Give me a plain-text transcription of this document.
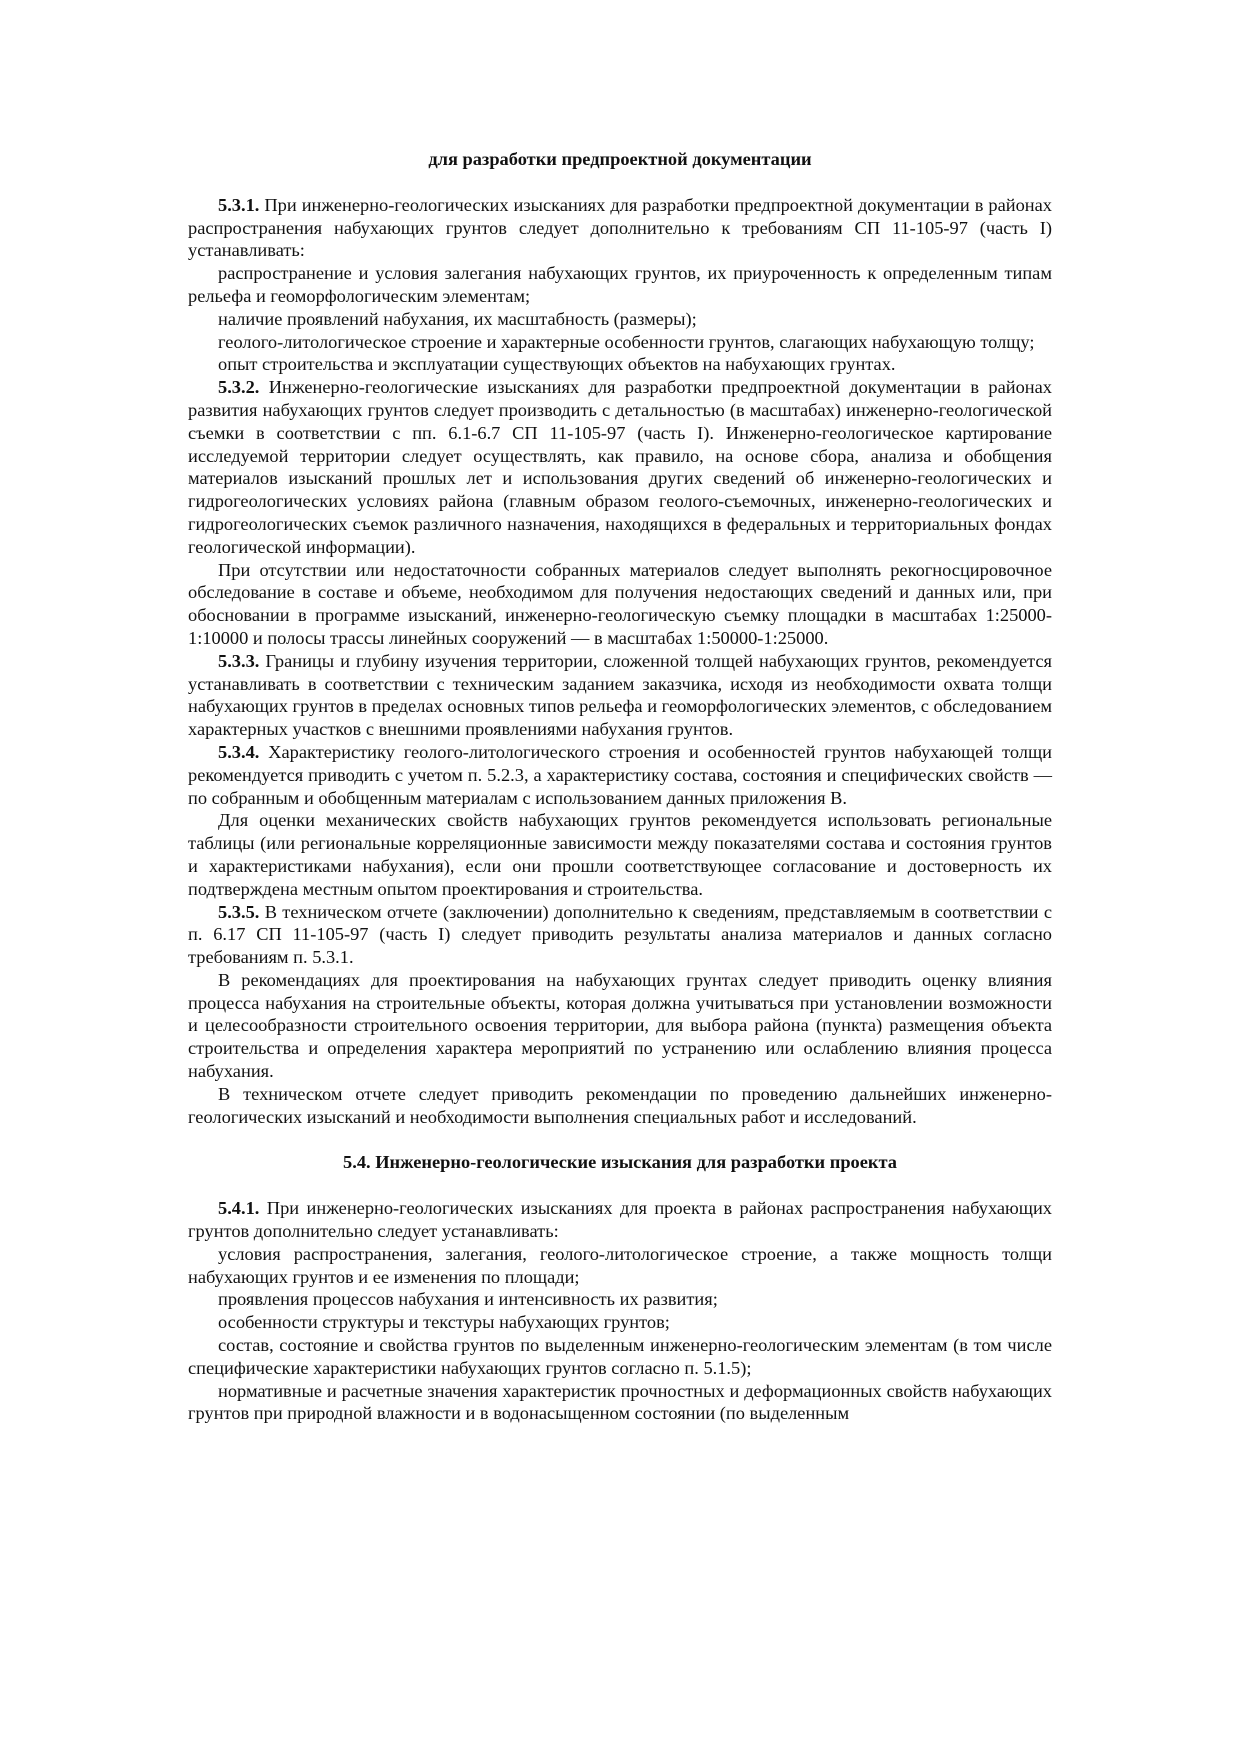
для разработки предпроектной документации

5.3.1. При инженерно-геологических изысканиях для разработки предпроектной документации в районах распространения набухающих грунтов следует дополнительно к требованиям СП 11-105-97 (часть I) устанавливать:

распространение и условия залегания набухающих грунтов, их приуроченность к определенным типам рельефа и геоморфологическим элементам;

наличие проявлений набухания, их масштабность (размеры);

геолого-литологическое строение и характерные особенности грунтов, слагающих набухающую толщу;

опыт строительства и эксплуатации существующих объектов на набухающих грунтах.

5.3.2. Инженерно-геологические изысканиях для разработки предпроектной документации в районах развития набухающих грунтов следует производить с детальностью (в масштабах) инженерно-геологической съемки в соответствии с пп. 6.1-6.7 СП 11-105-97 (часть I). Инженерно-геологическое картирование исследуемой территории следует осуществлять, как правило, на основе сбора, анализа и обобщения материалов изысканий прошлых лет и использования других сведений об инженерно-геологических и гидрогеологических условиях района (главным образом геолого-съемочных, инженерно-геологических и гидрогеологических съемок различного назначения, находящихся в федеральных и территориальных фондах геологической информации).

При отсутствии или недостаточности собранных материалов следует выполнять рекогносцировочное обследование в составе и объеме, необходимом для получения недостающих сведений и данных или, при обосновании в программе изысканий, инженерно-геологическую съемку площадки в масштабах 1:25000-1:10000 и полосы трассы линейных сооружений — в масштабах 1:50000-1:25000.

5.3.3. Границы и глубину изучения территории, сложенной толщей набухающих грунтов, рекомендуется устанавливать в соответствии с техническим заданием заказчика, исходя из необходимости охвата толщи набухающих грунтов в пределах основных типов рельефа и геоморфологических элементов, с обследованием характерных участков с внешними проявлениями набухания грунтов.

5.3.4. Характеристику геолого-литологического строения и особенностей грунтов набухающей толщи рекомендуется приводить с учетом п. 5.2.3, а характеристику состава, состояния и специфических свойств — по собранным и обобщенным материалам с использованием данных приложения В.

Для оценки механических свойств набухающих грунтов рекомендуется использовать региональные таблицы (или региональные корреляционные зависимости между показателями состава и состояния грунтов и характеристиками набухания), если они прошли соответствующее согласование и достоверность их подтверждена местным опытом проектирования и строительства.

5.3.5. В техническом отчете (заключении) дополнительно к сведениям, представляемым в соответствии с п. 6.17 СП 11-105-97 (часть I) следует приводить результаты анализа материалов и данных согласно требованиям п. 5.3.1.

В рекомендациях для проектирования на набухающих грунтах следует приводить оценку влияния процесса набухания на строительные объекты, которая должна учитываться при установлении возможности и целесообразности строительного освоения территории, для выбора района (пункта) размещения объекта строительства и определения характера мероприятий по устранению или ослаблению влияния процесса набухания.

В техническом отчете следует приводить рекомендации по проведению дальнейших инженерно-геологических изысканий и необходимости выполнения специальных работ и исследований.

5.4. Инженерно-геологические изыскания для разработки проекта

5.4.1. При инженерно-геологических изысканиях для проекта в районах распространения набухающих грунтов дополнительно следует устанавливать:

условия распространения, залегания, геолого-литологическое строение, а также мощность толщи набухающих грунтов и ее изменения по площади;

проявления процессов набухания и интенсивность их развития;

особенности структуры и текстуры набухающих грунтов;

состав, состояние и свойства грунтов по выделенным инженерно-геологическим элементам (в том числе специфические характеристики набухающих грунтов согласно п. 5.1.5);

нормативные и расчетные значения характеристик прочностных и деформационных свойств набухающих грунтов при природной влажности и в водонасыщенном состоянии (по выделенным
